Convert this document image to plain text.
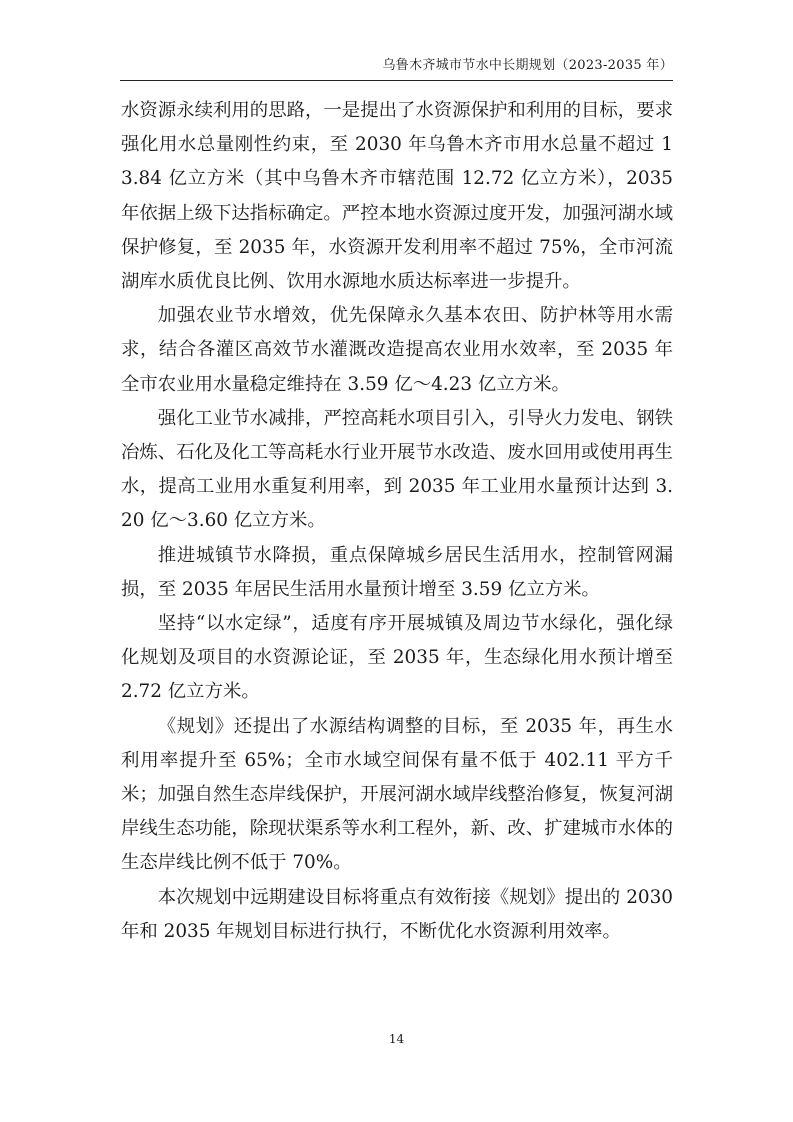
乌鲁木齐城市节水中长期规划（2023-2035 年）

水资源永续利用的思路，一是提出了水资源保护和利用的目标，要求强化用水总量刚性约束，至 2030 年乌鲁木齐市用水总量不超过 13.84 亿立方米（其中乌鲁木齐市辖范围 12.72 亿立方米），2035 年依据上级下达指标确定。严控本地水资源过度开发，加强河湖水域保护修复，至 2035 年，水资源开发利用率不超过 75%，全市河流湖库水质优良比例、饮用水源地水质达标率进一步提升。

加强农业节水增效，优先保障永久基本农田、防护林等用水需求，结合各灌区高效节水灌溉改造提高农业用水效率，至 2035 年全市农业用水量稳定维持在 3.59 亿～4.23 亿立方米。

强化工业节水减排，严控高耗水项目引入，引导火力发电、钢铁冶炼、石化及化工等高耗水行业开展节水改造、废水回用或使用再生水，提高工业用水重复利用率，到 2035 年工业用水量预计达到 3.20 亿～3.60 亿立方米。

推进城镇节水降损，重点保障城乡居民生活用水，控制管网漏损，至 2035 年居民生活用水量预计增至 3.59 亿立方米。

坚持“以水定绿”，适度有序开展城镇及周边节水绿化，强化绿化规划及项目的水资源论证，至 2035 年，生态绿化用水预计增至 2.72 亿立方米。

《规划》还提出了水源结构调整的目标，至 2035 年，再生水利用率提升至 65%；全市水域空间保有量不低于 402.11 平方千米；加强自然生态岸线保护，开展河湖水域岸线整治修复，恢复河湖岸线生态功能，除现状渠系等水利工程外，新、改、扩建城市水体的生态岸线比例不低于 70%。

本次规划中远期建设目标将重点有效衔接《规划》提出的 2030 年和 2035 年规划目标进行执行，不断优化水资源利用效率。

14
